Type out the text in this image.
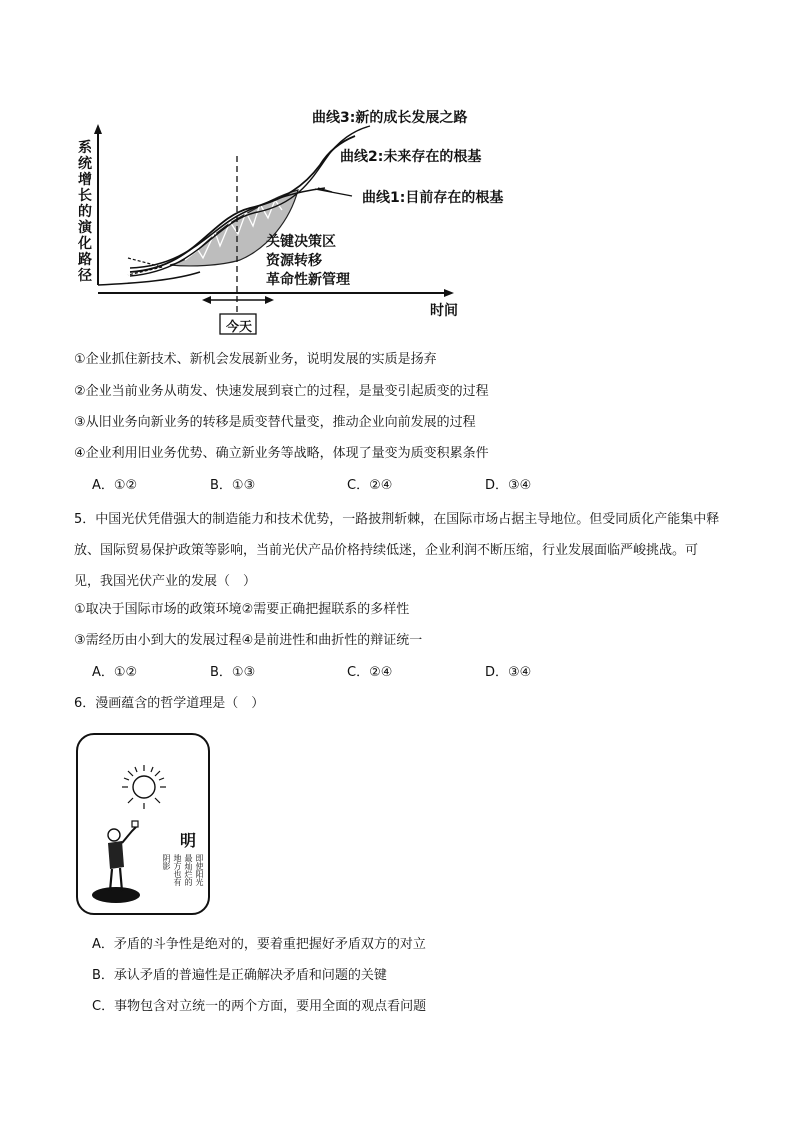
系统增长的演化路径
时间
曲线3:新的成长发展之路
曲线2:未来存在的根基
曲线1:目前存在的根基
关键决策区
资源转移
革命性新管理
今天
①企业抓住新技术、新机会发展新业务，说明发展的实质是扬弃
②企业当前业务从萌发、快速发展到衰亡的过程，是量变引起质变的过程
③从旧业务向新业务的转移是质变替代量变，推动企业向前发展的过程
④企业利用旧业务优势、确立新业务等战略，体现了量变为质变积累条件
A．①②	B．①③	C．②④	D．③④
5．中国光伏凭借强大的制造能力和技术优势，一路披荆斩棘，在国际市场占据主导地位。但受同质化产能集中释放、国际贸易保护政策等影响，当前光伏产品价格持续低迷，企业利润不断压缩，行业发展面临严峻挑战。可见，我国光伏产业的发展（　）
①取决于国际市场的政策环境②需要正确把握联系的多样性
③需经历由小到大的发展过程④是前进性和曲折性的辩证统一
A．①②	B．①③	C．②④	D．③④
6．漫画蕴含的哲学道理是（　）
明
即使阳光
最灿烂的
地方也有
阴影
A．矛盾的斗争性是绝对的，要着重把握好矛盾双方的对立
B．承认矛盾的普遍性是正确解决矛盾和问题的关键
C．事物包含对立统一的两个方面，要用全面的观点看问题
